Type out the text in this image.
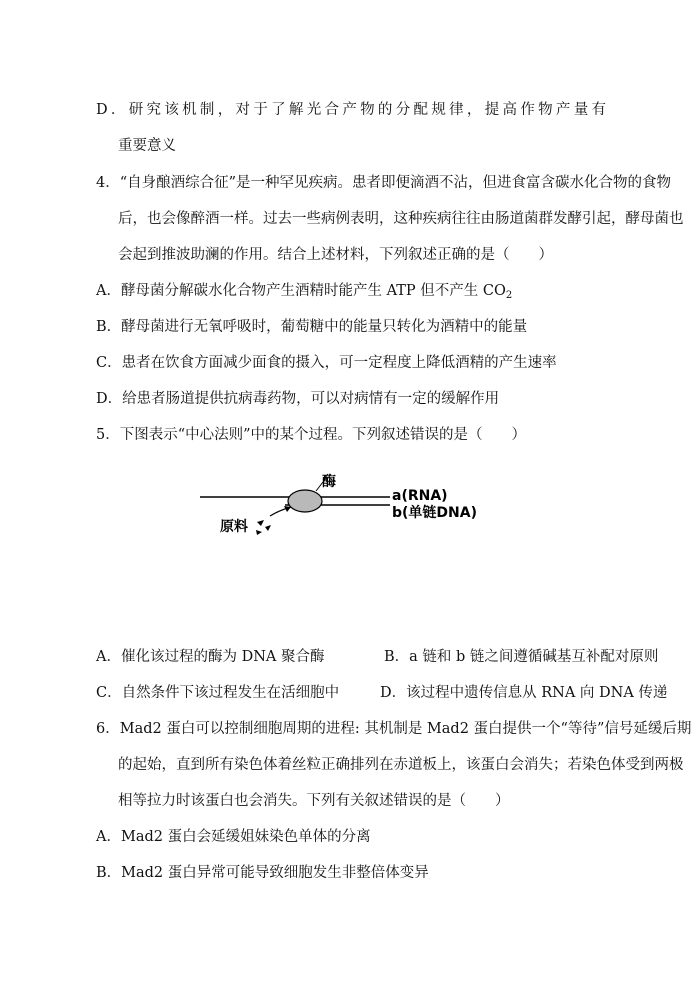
D．研究该机制，对于了解光合产物的分配规律，提高作物产量有
重要意义
4．“自身酿酒综合征”是一种罕见疾病。患者即便滴酒不沾，但进食富含碳水化合物的食物
后，也会像醉酒一样。过去一些病例表明，这种疾病往往由肠道菌群发酵引起，酵母菌也
会起到推波助澜的作用。结合上述材料，下列叙述正确的是（　　）
A．酵母菌分解碳水化合物产生酒精时能产生 ATP 但不产生 $CO_2$
B．酵母菌进行无氧呼吸时，葡萄糖中的能量只转化为酒精中的能量
C．患者在饮食方面减少面食的摄入，可一定程度上降低酒精的产生速率
D．给患者肠道提供抗病毒药物，可以对病情有一定的缓解作用
5．下图表示“中心法则”中的某个过程。下列叙述错误的是（　　）
酶
a(RNA)
b(单链DNA)
原料
A．催化该过程的酶为 DNA 聚合酶	B．a 链和 b 链之间遵循碱基互补配对原则
C．自然条件下该过程发生在活细胞中	D．该过程中遗传信息从 RNA 向 DNA 传递
6．Mad2 蛋白可以控制细胞周期的进程: 其机制是 Mad2 蛋白提供一个“等待”信号延缓后期
的起始，直到所有染色体着丝粒正确排列在赤道板上，该蛋白会消失；若染色体受到两极
相等拉力时该蛋白也会消失。下列有关叙述错误的是（　　）
A．Mad2 蛋白会延缓姐妹染色单体的分离
B．Mad2 蛋白异常可能导致细胞发生非整倍体变异
